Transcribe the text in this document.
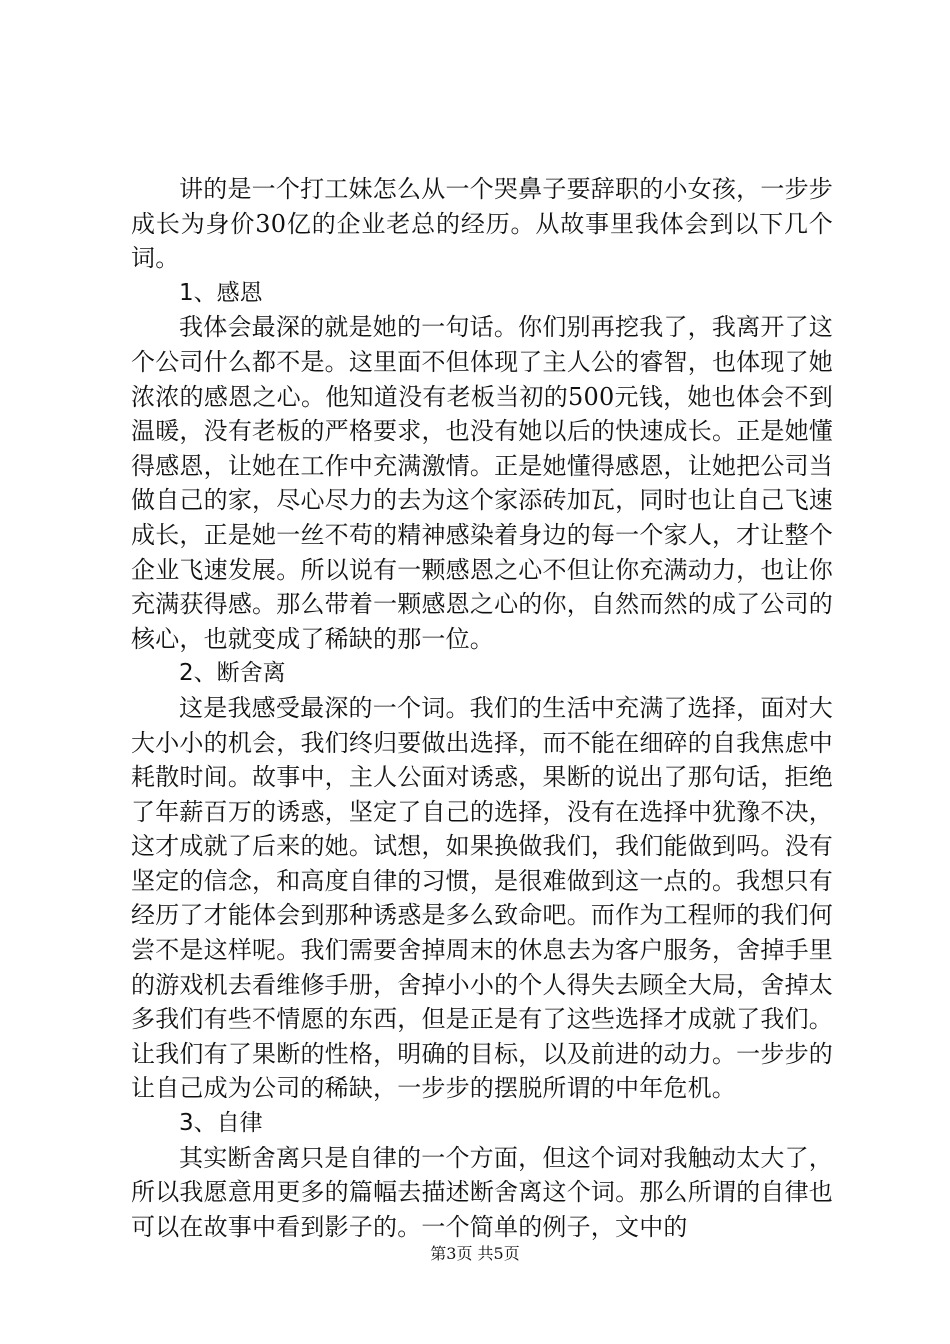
讲的是一个打工妹怎么从一个哭鼻子要辞职的小女孩，一步步成长为身价30亿的企业老总的经历。从故事里我体会到以下几个词。

1、感恩

我体会最深的就是她的一句话。你们别再挖我了，我离开了这个公司什么都不是。这里面不但体现了主人公的睿智，也体现了她浓浓的感恩之心。他知道没有老板当初的500元钱，她也体会不到温暖，没有老板的严格要求，也没有她以后的快速成长。正是她懂得感恩，让她在工作中充满激情。正是她懂得感恩，让她把公司当做自己的家，尽心尽力的去为这个家添砖加瓦，同时也让自己飞速成长，正是她一丝不苟的精神感染着身边的每一个家人，才让整个企业飞速发展。所以说有一颗感恩之心不但让你充满动力，也让你充满获得感。那么带着一颗感恩之心的你，自然而然的成了公司的核心，也就变成了稀缺的那一位。

2、断舍离

这是我感受最深的一个词。我们的生活中充满了选择，面对大大小小的机会，我们终归要做出选择，而不能在细碎的自我焦虑中耗散时间。故事中，主人公面对诱惑，果断的说出了那句话，拒绝了年薪百万的诱惑，坚定了自己的选择，没有在选择中犹豫不决，这才成就了后来的她。试想，如果换做我们，我们能做到吗。没有坚定的信念，和高度自律的习惯，是很难做到这一点的。我想只有经历了才能体会到那种诱惑是多么致命吧。而作为工程师的我们何尝不是这样呢。我们需要舍掉周末的休息去为客户服务，舍掉手里的游戏机去看维修手册，舍掉小小的个人得失去顾全大局，舍掉太多我们有些不情愿的东西，但是正是有了这些选择才成就了我们。让我们有了果断的性格，明确的目标，以及前进的动力。一步步的让自己成为公司的稀缺，一步步的摆脱所谓的中年危机。

3、自律

其实断舍离只是自律的一个方面，但这个词对我触动太大了，所以我愿意用更多的篇幅去描述断舍离这个词。那么所谓的自律也可以在故事中看到影子的。一个简单的例子，文中的

第3页 共5页
